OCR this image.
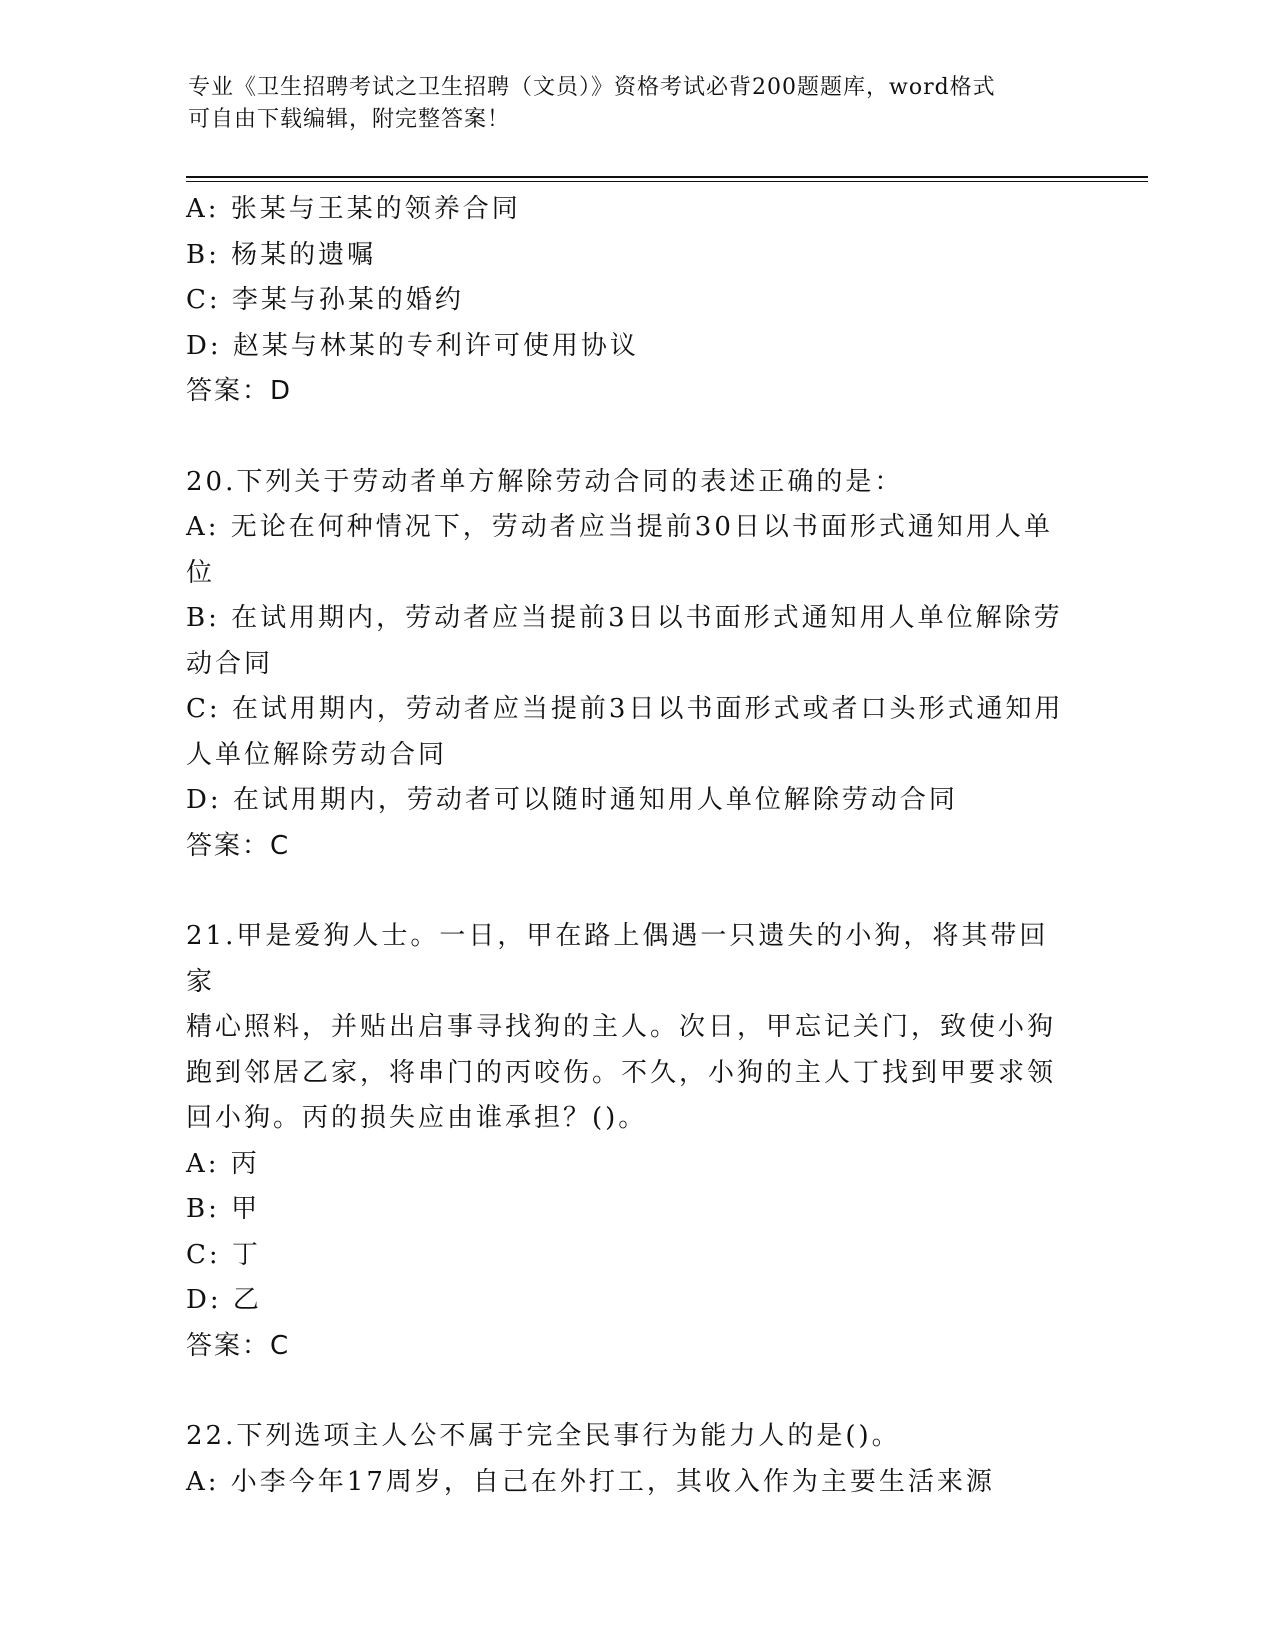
专业《卫生招聘考试之卫生招聘（文员）》资格考试必背200题题库，word格式
可自由下载编辑，附完整答案！
A: 张某与王某的领养合同
B: 杨某的遗嘱
C: 李某与孙某的婚约
D: 赵某与林某的专利许可使用协议
答案：D
20.下列关于劳动者单方解除劳动合同的表述正确的是：
A: 无论在何种情况下，劳动者应当提前30日以书面形式通知用人单
位
B: 在试用期内，劳动者应当提前3日以书面形式通知用人单位解除劳
动合同
C: 在试用期内，劳动者应当提前3日以书面形式或者口头形式通知用
人单位解除劳动合同
D: 在试用期内，劳动者可以随时通知用人单位解除劳动合同
答案：C
21.甲是爱狗人士。一日，甲在路上偶遇一只遗失的小狗，将其带回家
精心照料，并贴出启事寻找狗的主人。次日，甲忘记关门，致使小狗
跑到邻居乙家，将串门的丙咬伤。不久，小狗的主人丁找到甲要求领
回小狗。丙的损失应由谁承担？()。
A: 丙
B: 甲
C: 丁
D: 乙
答案：C
22.下列选项主人公不属于完全民事行为能力人的是()。
A: 小李今年17周岁，自己在外打工，其收入作为主要生活来源
